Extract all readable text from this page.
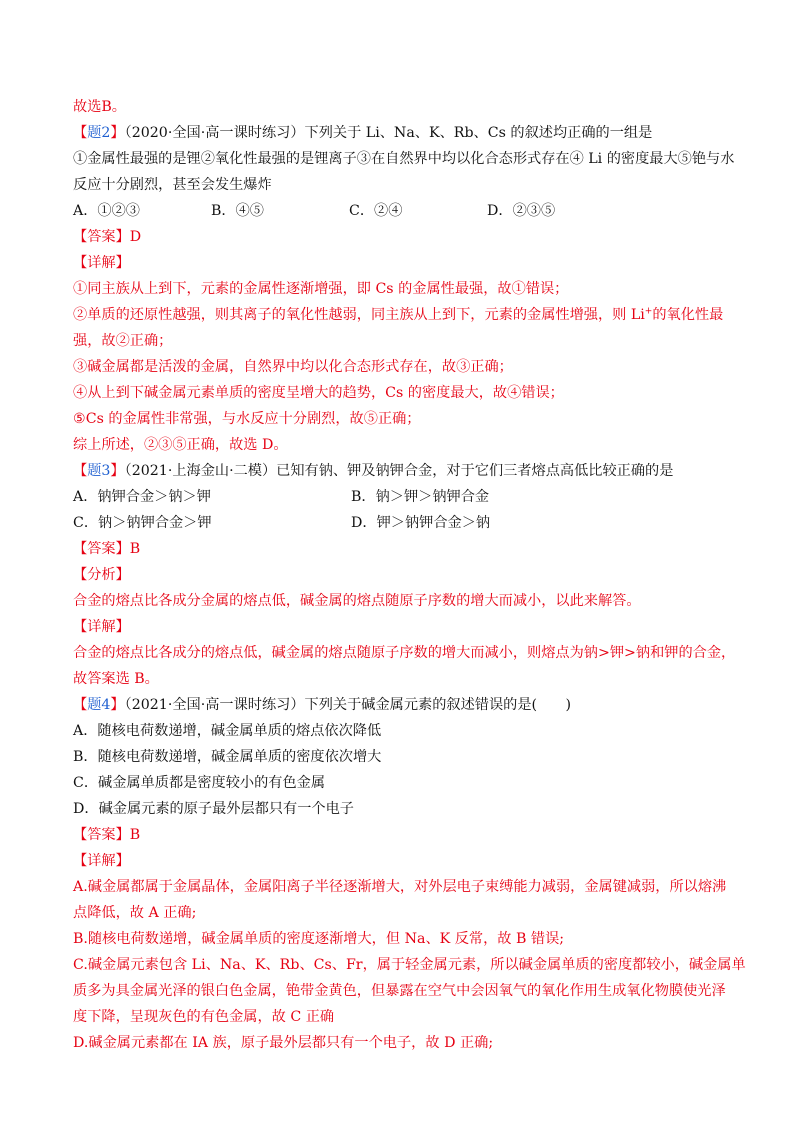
故选B。
【题2】（2020·全国·高一课时练习）下列关于 Li、Na、K、Rb、Cs 的叙述均正确的一组是
①金属性最强的是锂②氧化性最强的是锂离子③在自然界中均以化合态形式存在④ Li 的密度最大⑤铯与水
反应十分剧烈，甚至会发生爆炸
A．①②③	B．④⑤	C．②④	D．②③⑤
【答案】D
【详解】
①同主族从上到下，元素的金属性逐渐增强，即 Cs 的金属性最强，故①错误；
②单质的还原性越强，则其离子的氧化性越弱，同主族从上到下，元素的金属性增强，则 Li+的氧化性最
强，故②正确；
③碱金属都是活泼的金属，自然界中均以化合态形式存在，故③正确；
④从上到下碱金属元素单质的密度呈增大的趋势，Cs 的密度最大，故④错误；
⑤Cs 的金属性非常强，与水反应十分剧烈，故⑤正确；
综上所述，②③⑤正确，故选 D。
【题3】（2021·上海金山·二模）已知有钠、钾及钠钾合金，对于它们三者熔点高低比较正确的是
A．钠钾合金＞钠＞钾	B．钠＞钾＞钠钾合金
C．钠＞钠钾合金＞钾	D．钾＞钠钾合金＞钠
【答案】B
【分析】
合金的熔点比各成分金属的熔点低，碱金属的熔点随原子序数的增大而减小，以此来解答。
【详解】
合金的熔点比各成分的熔点低，碱金属的熔点随原子序数的增大而减小，则熔点为钠>钾>钠和钾的合金，
故答案选 B。
【题4】（2021·全国·高一课时练习）下列关于碱金属元素的叙述错误的是(　　)
A．随核电荷数递增，碱金属单质的熔点依次降低
B．随核电荷数递增，碱金属单质的密度依次增大
C．碱金属单质都是密度较小的有色金属
D．碱金属元素的原子最外层都只有一个电子
【答案】B
【详解】
A.碱金属都属于金属晶体，金属阳离子半径逐渐增大，对外层电子束缚能力减弱，金属键减弱，所以熔沸
点降低，故 A 正确;
B.随核电荷数递增，碱金属单质的密度逐渐增大，但 Na、K 反常，故 B 错误;
C.碱金属元素包含 Li、Na、K、Rb、Cs、Fr，属于轻金属元素，所以碱金属单质的密度都较小，碱金属单
质多为具金属光泽的银白色金属，铯带金黄色，但暴露在空气中会因氧气的氧化作用生成氧化物膜使光泽
度下降，呈现灰色的有色金属，故 C 正确
D.碱金属元素都在 IA 族，原子最外层都只有一个电子，故 D 正确;
